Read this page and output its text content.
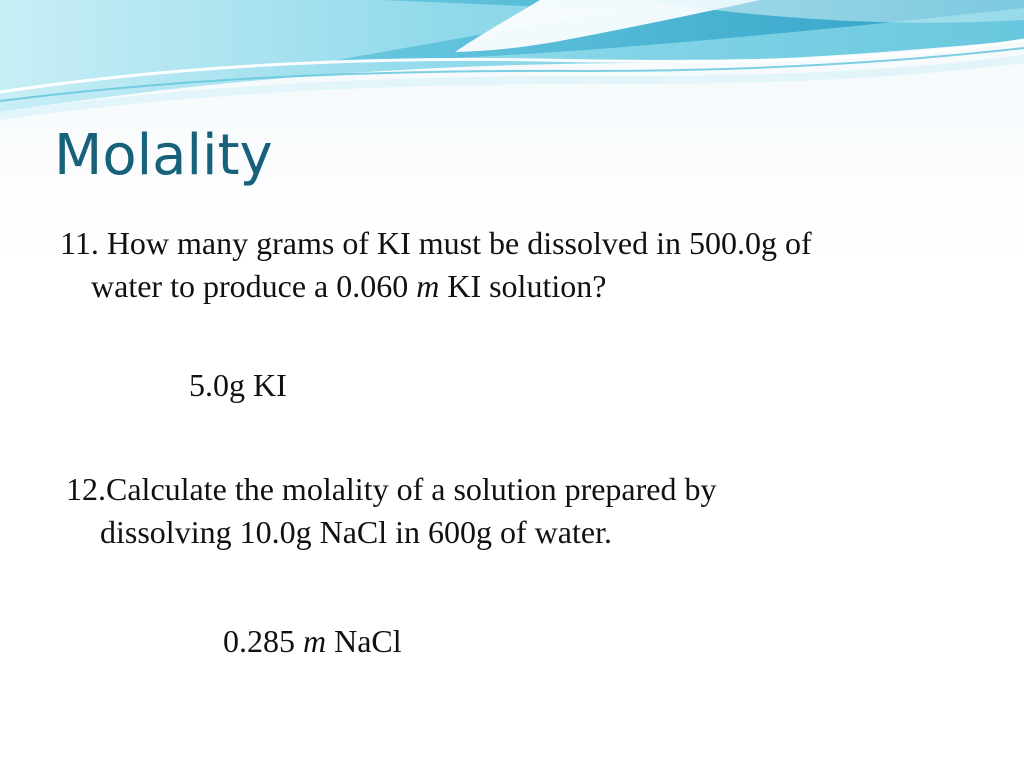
Molality
11. How many grams of KI must be dissolved in 500.0g of
water to produce a 0.060 m KI solution?
5.0g KI
12.Calculate the molality of a solution prepared by
dissolving 10.0g NaCl in 600g of water.
0.285 m NaCl
